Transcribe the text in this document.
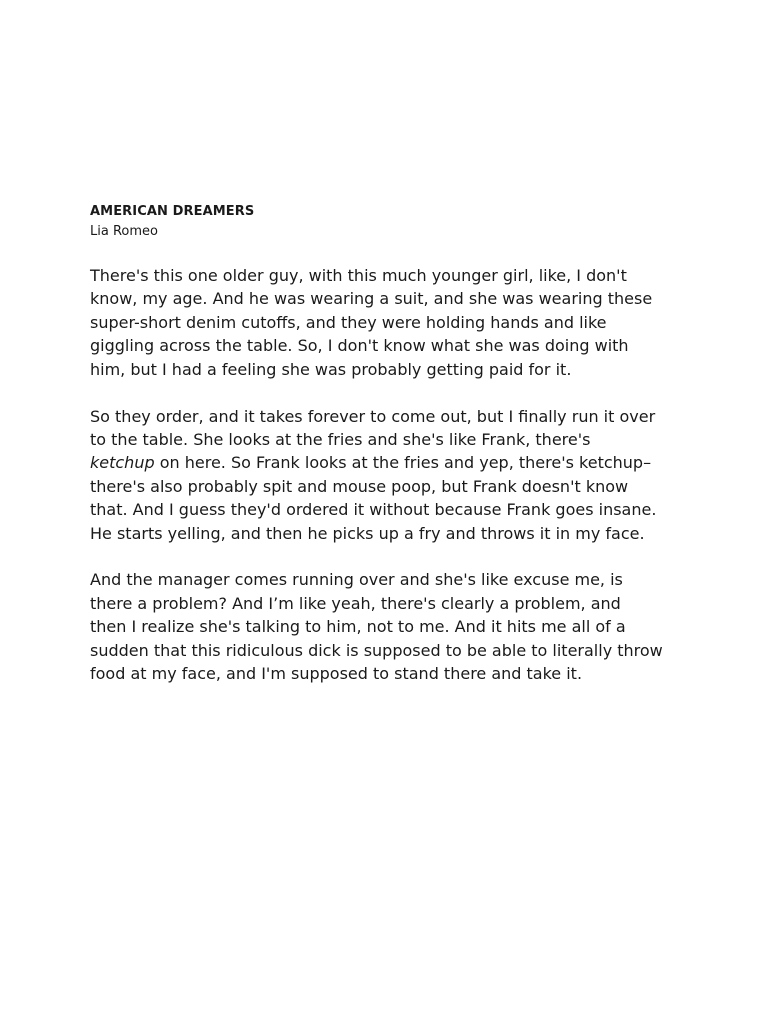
AMERICAN DREAMERS

Lia Romeo

There's this one older guy, with this much younger girl, like, I don't
know, my age. And he was wearing a suit, and she was wearing these
super-short denim cutoffs, and they were holding hands and like
giggling across the table. So, I don't know what she was doing with
him, but I had a feeling she was probably getting paid for it.

So they order, and it takes forever to come out, but I finally run it over
to the table. She looks at the fries and she's like Frank, there's
ketchup on here. So Frank looks at the fries and yep, there's ketchup–
there's also probably spit and mouse poop, but Frank doesn't know
that. And I guess they'd ordered it without because Frank goes insane.
He starts yelling, and then he picks up a fry and throws it in my face.

And the manager comes running over and she's like excuse me, is
there a problem? And I’m like yeah, there's clearly a problem, and
then I realize she's talking to him, not to me. And it hits me all of a
sudden that this ridiculous dick is supposed to be able to literally throw
food at my face, and I'm supposed to stand there and take it.
